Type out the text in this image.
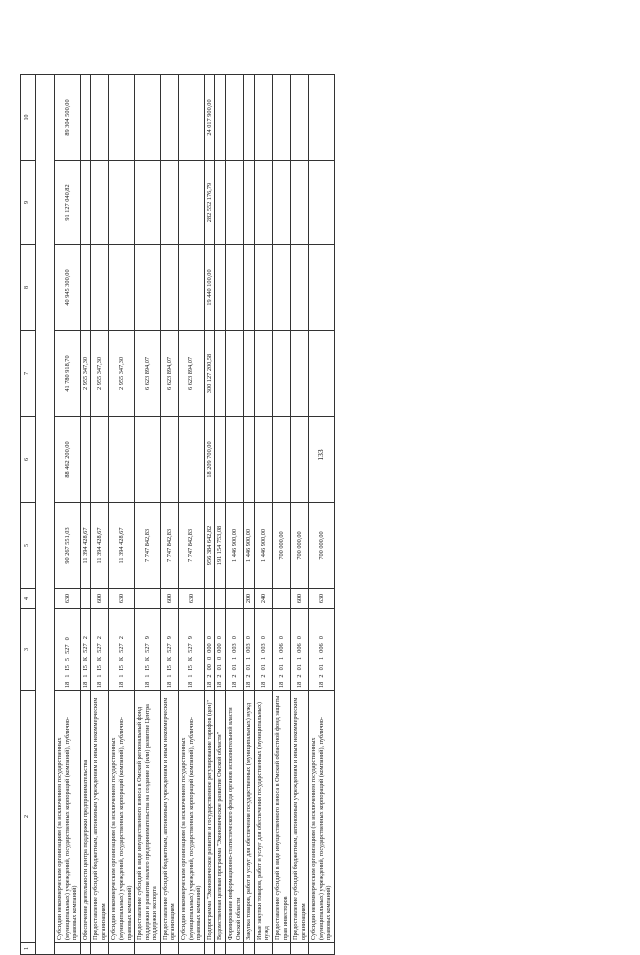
133
1	2	3	4	5	6	7	8	9	10

	Субсидии некоммерческим организациям (за исключением государственных (муниципальных) учреждений, государственных корпораций (компаний), публично-правовых компаний)	18 1 I5 5 527 0	630	90 267 551,03	88 462 200,00	41 780 918,70	40 945 300,00	91 127 040,82	89 304 500,00
	Обеспечение деятельности центра поддержки предпринимательства	18 1 I5 К 527 2		11 394 428,67		2 955 347,30			
	Предоставление субсидий бюджетным, автономным учреждениям и иным некоммерческим организациям	18 1 I5 К 527 2	600	11 394 428,67		2 955 347,30			
	Субсидии некоммерческим организациям (за исключением государственных (муниципальных) учреждений, государственных корпораций (компаний), публично-правовых компаний)	18 1 I5 К 527 2	630	11 394 428,67		2 955 347,30			
	Предоставление субсидий в виде имущественного взноса в Омский региональный фонд поддержки и развития малого предпринимательства на создание и (или) развитие Центра поддержки экспорта	18 1 I5 К 527 9		7 747 842,83		6 623 894,07			
	Предоставление субсидий бюджетным, автономным учреждениям и иным некоммерческим организациям	18 1 I5 К 527 9	600	7 747 842,83		6 623 894,07			
	Субсидии некоммерческим организациям (за исключением государственных (муниципальных) учреждений, государственных корпораций (компаний), публично-правовых компаний)	18 1 I5 К 527 9	630	7 747 842,83		6 623 894,07			
	Подпрограмма "Экономическое развитие и государственное регулирование тарифов (цен)"	18 2 00 0 000 0		956 384 642,82	18 209 700,00	300 127 200,58	19 440 100,00	282 552 176,79	24 017 900,00
	Ведомственная целевая программа "Экономическое развитие Омской области"	18 2 01 0 000 0		191 154 753,08					
	Формирование информационно-статистического фонда органов исполнительной власти Омской области	18 2 01 1 003 0		1 446 900,00					
	Закупка товаров, работ и услуг для обеспечения государственных (муниципальных) нужд	18 2 01 1 003 0	200	1 446 900,00					
	Иные закупки товаров, работ и услуг для обеспечения государственных (муниципальных) нужд	18 2 01 1 003 0	240	1 446 900,00					
	Предоставление субсидий в виде имущественного взноса в Омский областной фонд защиты прав инвесторов	18 2 01 1 006 0		700 000,00					
	Предоставление субсидий бюджетным, автономным учреждениям и иным некоммерческим организациям	18 2 01 1 006 0	600	700 000,00					
	Субсидии некоммерческим организациям (за исключением государственных (муниципальных) учреждений, государственных корпораций (компаний), публично-правовых компаний)	18 2 01 1 006 0	630	700 000,00					
